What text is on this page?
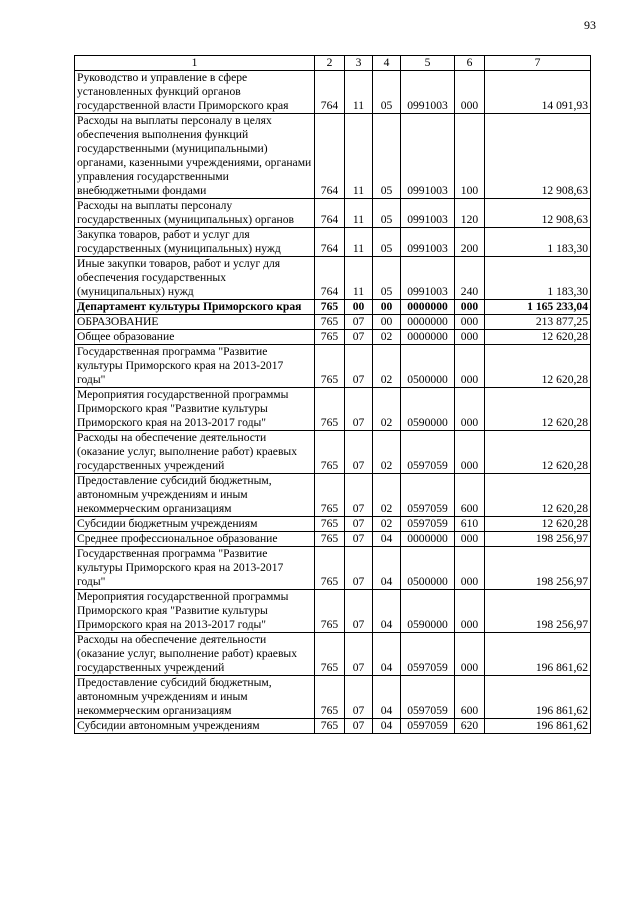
93
1	2	3	4	5	6	7
Руководство и управление в сфере установленных функций органов государственной власти Приморского края	764	11	05	0991003	000	14 091,93
Расходы на выплаты персоналу в целях обеспечения выполнения функций государственными (муниципальными) органами, казенными учреждениями, органами управления государственными внебюджетными фондами	764	11	05	0991003	100	12 908,63
Расходы на выплаты персоналу государственных (муниципальных) органов	764	11	05	0991003	120	12 908,63
Закупка товаров, работ и услуг для государственных (муниципальных) нужд	764	11	05	0991003	200	1 183,30
Иные закупки товаров, работ и услуг для обеспечения государственных (муниципальных) нужд	764	11	05	0991003	240	1 183,30
Департамент культуры Приморского края	765	00	00	0000000	000	1 165 233,04
ОБРАЗОВАНИЕ	765	07	00	0000000	000	213 877,25
Общее образование	765	07	02	0000000	000	12 620,28
Государственная программа "Развитие культуры Приморского края на 2013-2017 годы"	765	07	02	0500000	000	12 620,28
Мероприятия государственной программы Приморского края "Развитие культуры Приморского края на 2013-2017 годы"	765	07	02	0590000	000	12 620,28
Расходы на обеспечение деятельности (оказание услуг, выполнение работ) краевых государственных учреждений	765	07	02	0597059	000	12 620,28
Предоставление субсидий бюджетным, автономным учреждениям и иным некоммерческим организациям	765	07	02	0597059	600	12 620,28
Субсидии бюджетным учреждениям	765	07	02	0597059	610	12 620,28
Среднее профессиональное образование	765	07	04	0000000	000	198 256,97
Государственная программа "Развитие культуры Приморского края на 2013-2017 годы"	765	07	04	0500000	000	198 256,97
Мероприятия государственной программы Приморского края "Развитие культуры Приморского края на 2013-2017 годы"	765	07	04	0590000	000	198 256,97
Расходы на обеспечение деятельности (оказание услуг, выполнение работ) краевых государственных учреждений	765	07	04	0597059	000	196 861,62
Предоставление субсидий бюджетным, автономным учреждениям и иным некоммерческим организациям	765	07	04	0597059	600	196 861,62
Субсидии автономным учреждениям	765	07	04	0597059	620	196 861,62
